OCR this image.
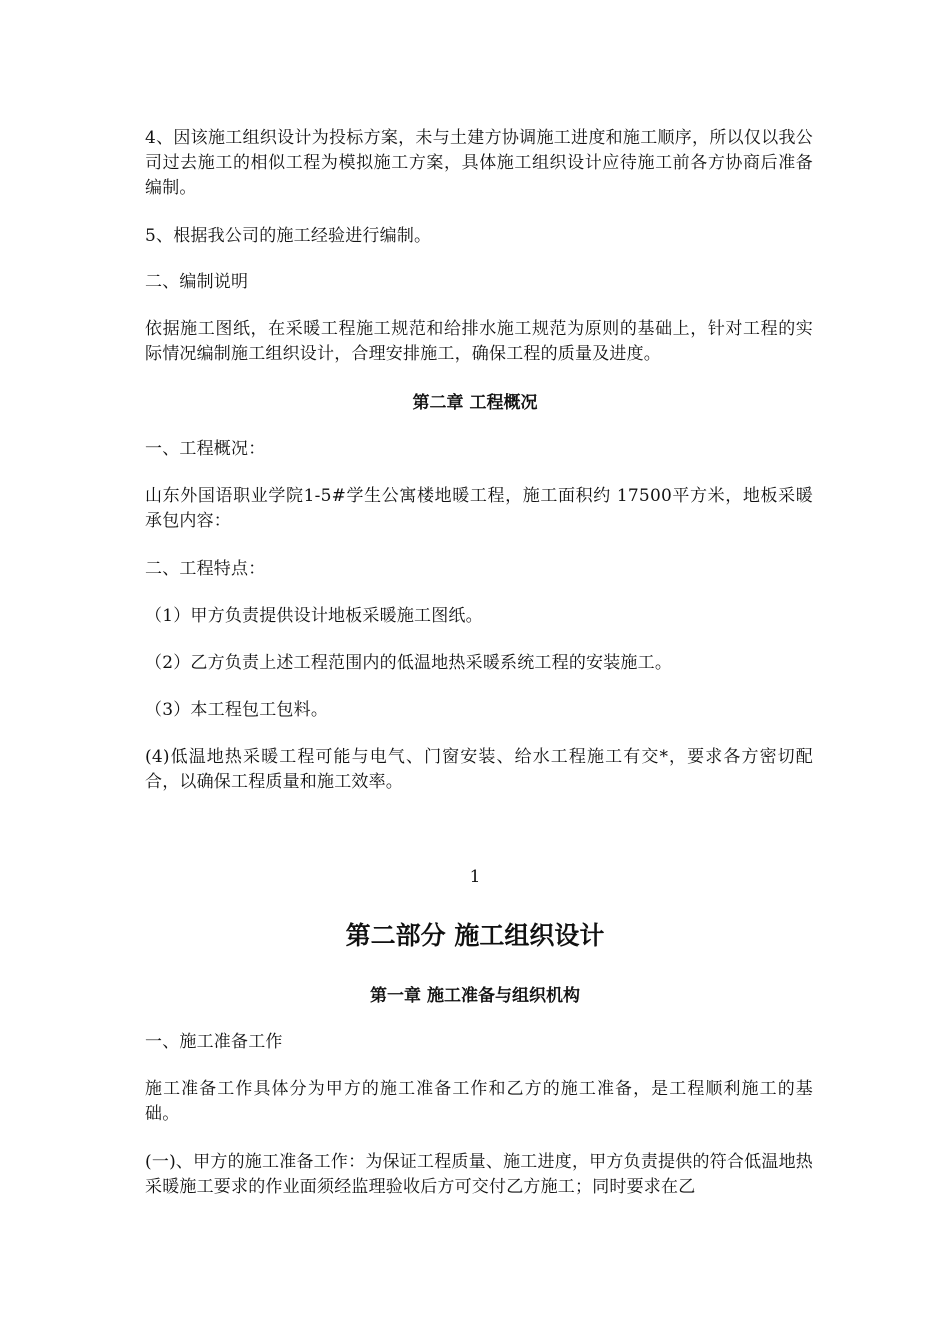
4、因该施工组织设计为投标方案，未与土建方协调施工进度和施工顺序，所以仅以我公司过去施工的相似工程为模拟施工方案，具体施工组织设计应待施工前各方协商后准备编制。

5、根据我公司的施工经验进行编制。

二、编制说明

依据施工图纸，在采暖工程施工规范和给排水施工规范为原则的基础上，针对工程的实际情况编制施工组织设计，合理安排施工，确保工程的质量及进度。

第二章 工程概况

一、工程概况：

山东外国语职业学院1-5#学生公寓楼地暖工程，施工面积约 17500平方米，地板采暖承包内容：

二、工程特点：

（1）甲方负责提供设计地板采暖施工图纸。

（2）乙方负责上述工程范围内的低温地热采暖系统工程的安装施工。

（3）本工程包工包料。

(4)低温地热采暖工程可能与电气、门窗安装、给水工程施工有交*，要求各方密切配合，以确保工程质量和施工效率。

1

第二部分 施工组织设计

第一章 施工准备与组织机构

一、施工准备工作

施工准备工作具体分为甲方的施工准备工作和乙方的施工准备，是工程顺利施工的基础。

(一)、甲方的施工准备工作：为保证工程质量、施工进度，甲方负责提供的符合低温地热采暖施工要求的作业面须经监理验收后方可交付乙方施工；同时要求在乙
